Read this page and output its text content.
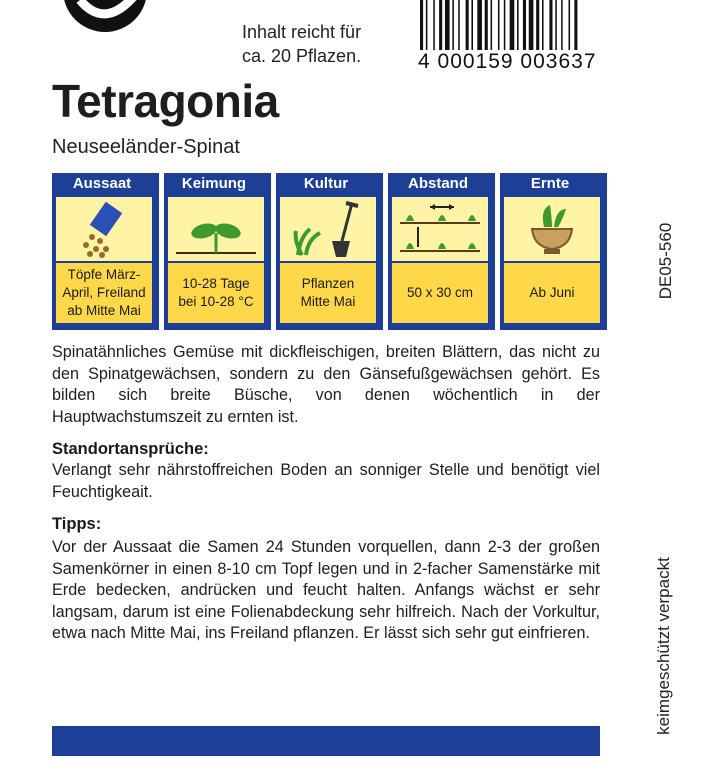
Inhalt reicht für
ca. 20 Pflazen.	4 000159 003637
Tetragonia
Neuseeländer-Spinat
DE05-560
keimgeschützt verpackt
Aussaat
Töpfe März-
April, Freiland
ab Mitte Mai
Keimung
10-28 Tage
bei 10-28 °C
Kultur
Pflanzen
Mitte Mai
Abstand
50 x 30 cm
Ernte
Ab Juni
Spinatähnliches Gemüse mit dickfleischigen, breiten Blättern, das nicht zu den Spinatgewächsen, sondern zu den Gänsefußgewächsen gehört. Es bilden sich breite Büsche, von denen wöchentlich in der Hauptwachstumszeit zu ernten ist.
Standortansprüche:
Verlangt sehr nährstoffreichen Boden an sonniger Stelle und benötigt viel Feuchtigkeait.
Tipps:
Vor der Aussaat die Samen 24 Stunden vorquellen, dann 2-3 der großen Samenkörner in einen 8-10 cm Topf legen und in 2-facher Samenstärke mit Erde bedecken, andrücken und feucht halten. Anfangs wächst er sehr langsam, darum ist eine Folienabdeckung sehr hilfreich. Nach der Vorkultur, etwa nach Mitte Mai, ins Freiland pflanzen. Er lässt sich sehr gut einfrieren.
